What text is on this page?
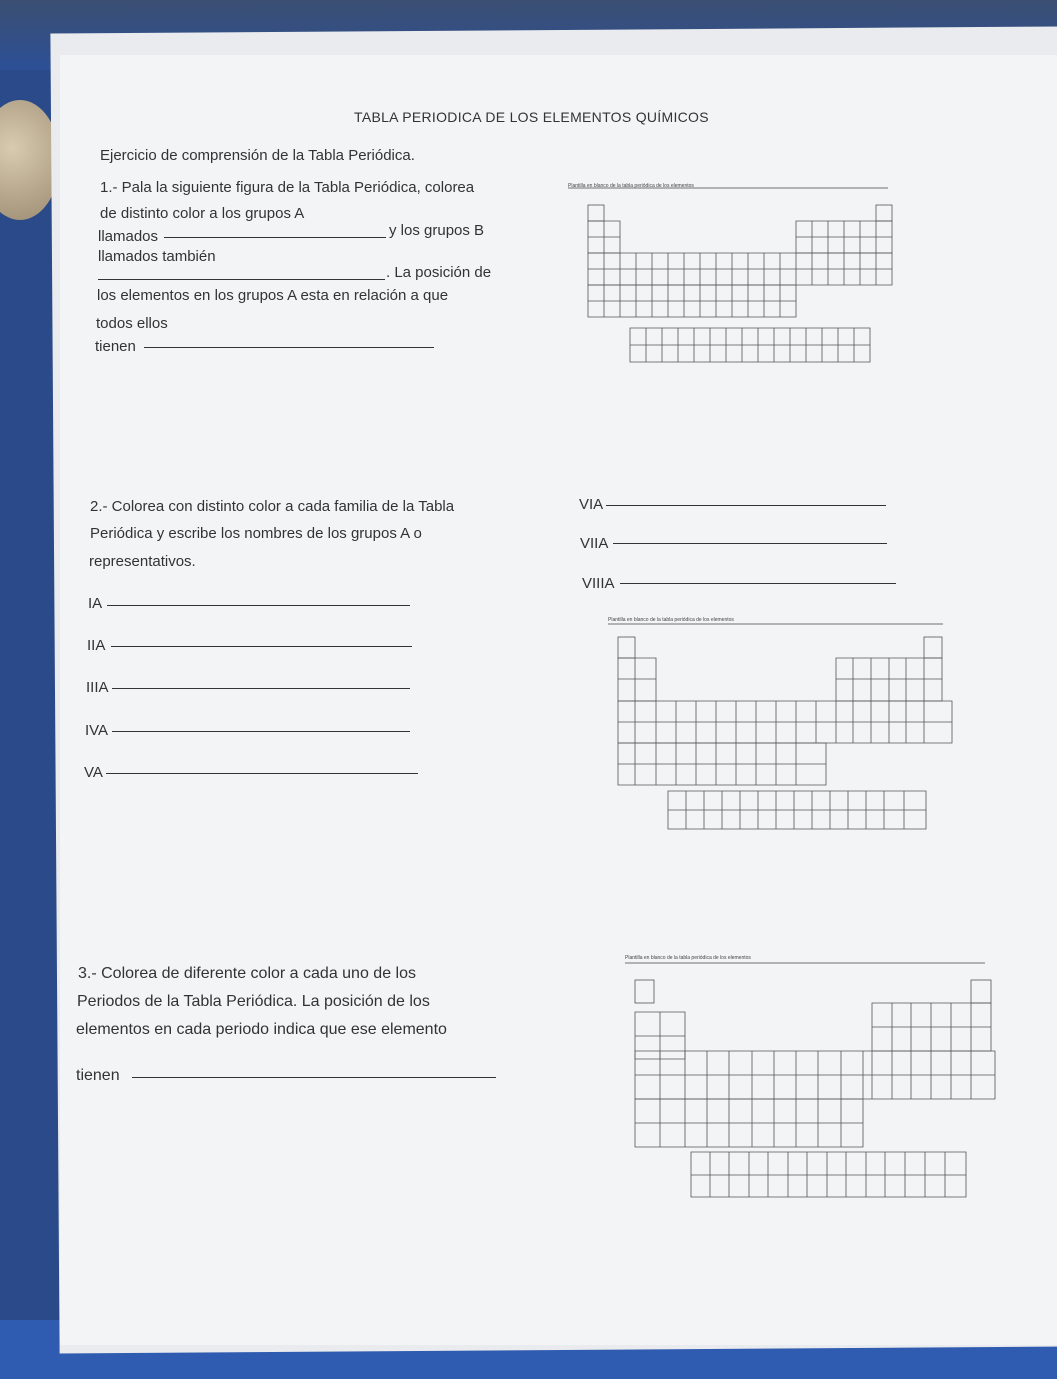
TABLA PERIODICA DE LOS ELEMENTOS QUÍMICOS
Ejercicio de comprensión de la Tabla Periódica.
1.- Pala la siguiente figura de la Tabla Periódica, colorea
de distinto color a los grupos A
llamados	y los grupos B
llamados también
. La posición de
los elementos en los grupos A esta en relación a que
todos ellos
tienen
Plantilla en blanco de la tabla periódica de los elementos
2.- Colorea con distinto color a cada familia de la Tabla
Periódica y escribe los nombres de los grupos A o
representativos.
IA
IIA
IIIA
IVA
VA
VIA
VIIA
VIIIA
Plantilla en blanco de la tabla periódica de los elementos
3.- Colorea de diferente color a cada uno de los
Periodos de la Tabla Periódica. La posición de los
elementos en cada periodo indica que ese elemento
tienen
Plantilla en blanco de la tabla periódica de los elementos
